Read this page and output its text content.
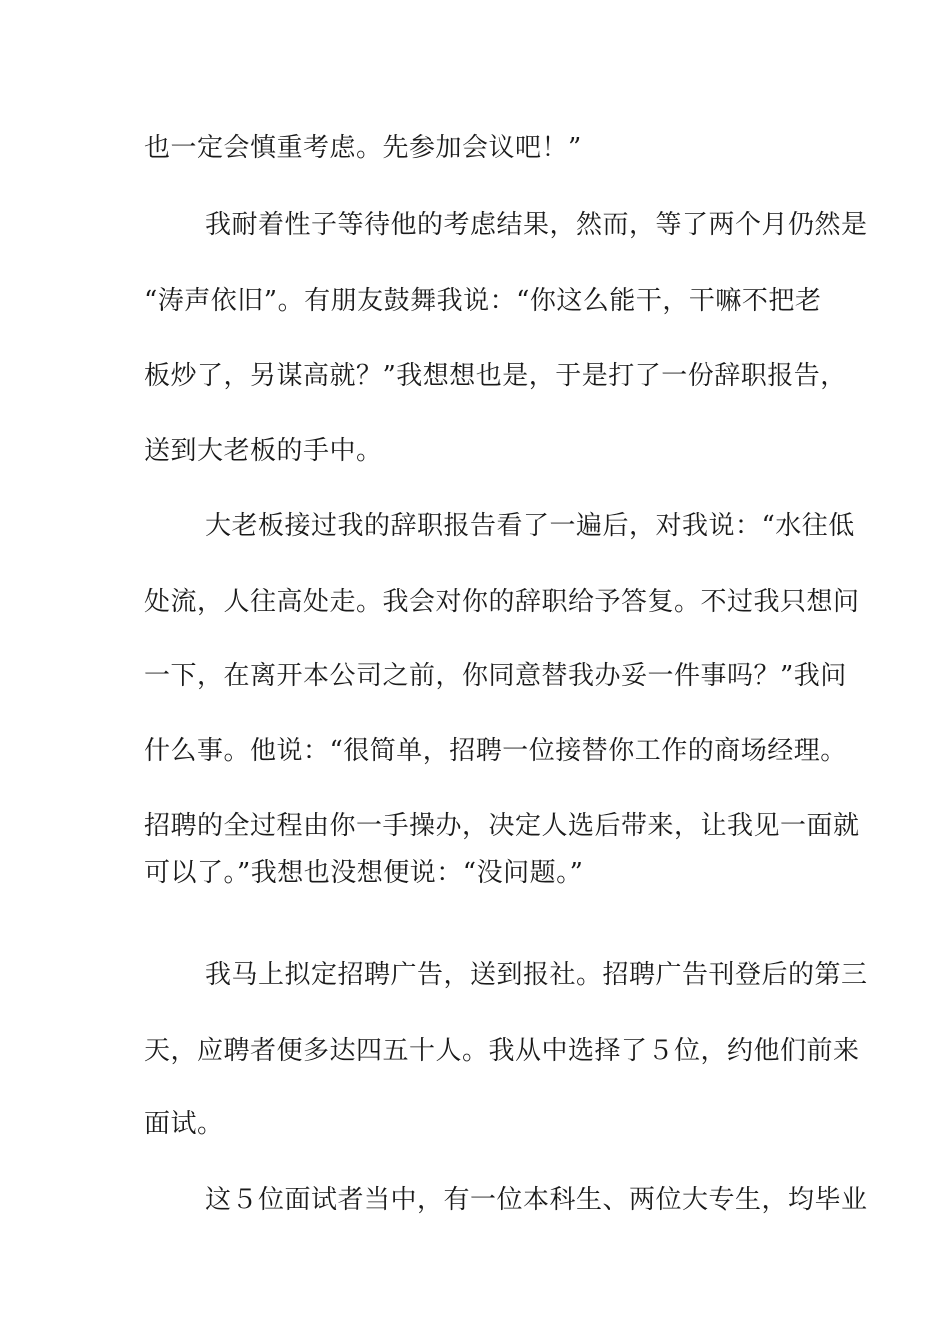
也一定会慎重考虑。先参加会议吧！”

我耐着性子等待他的考虑结果，然而，等了两个月仍然是

“涛声依旧”。有朋友鼓舞我说：“你这么能干，干嘛不把老

板炒了，另谋高就？”我想想也是，于是打了一份辞职报告，

送到大老板的手中。

大老板接过我的辞职报告看了一遍后，对我说：“水往低

处流，人往高处走。我会对你的辞职给予答复。不过我只想问

一下，在离开本公司之前，你同意替我办妥一件事吗？”我问

什么事。他说：“很简单，招聘一位接替你工作的商场经理。

招聘的全过程由你一手操办，决定人选后带来，让我见一面就

可以了。”我想也没想便说：“没问题。”

我马上拟定招聘广告，送到报社。招聘广告刊登后的第三

天，应聘者便多达四五十人。我从中选择了５位，约他们前来

面试。

这５位面试者当中，有一位本科生、两位大专生，均毕业
